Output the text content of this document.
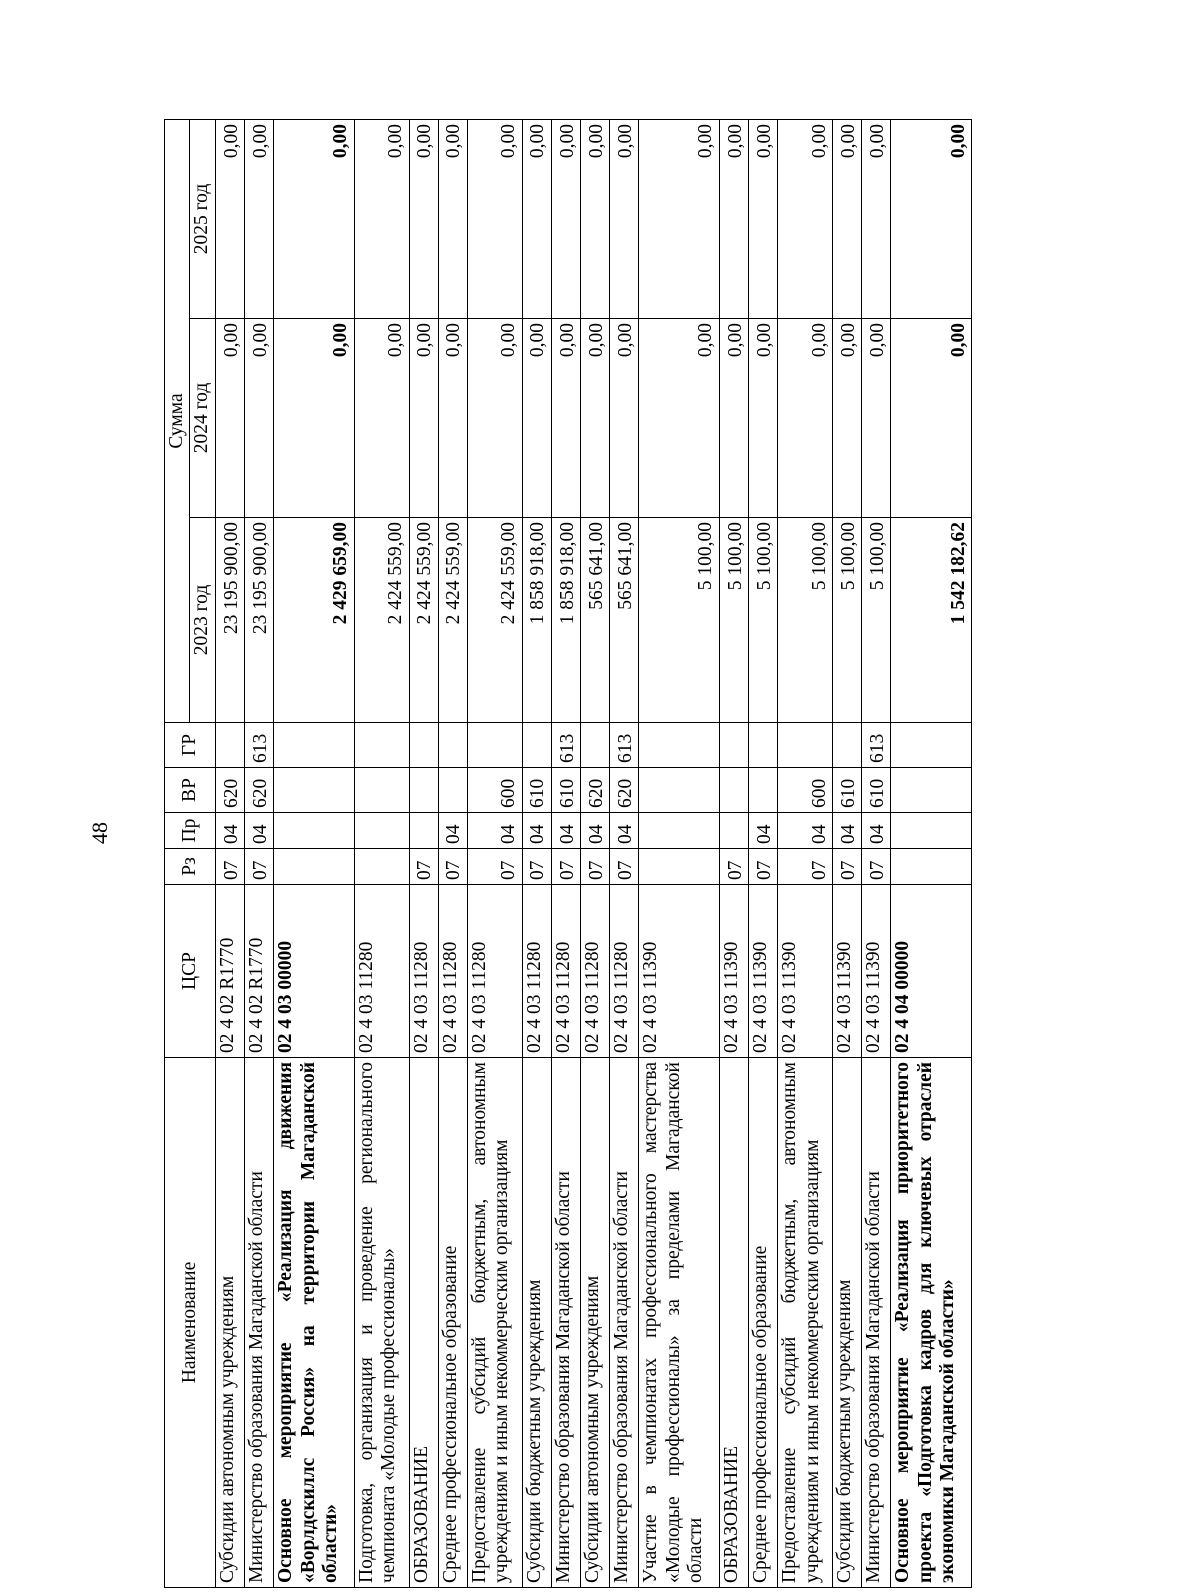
48
Наименование	ЦСР	Рз	Пр	ВР	ГР	Сумма		
						2023 год	2024 год	2025 год
Субсидии автономным учреждениям	02 4 02 R1770	07	04	620		23 195 900,00	0,00	0,00
Министерство образования Магаданской области	02 4 02 R1770	07	04	620	613	23 195 900,00	0,00	0,00
Основное мероприятие «Реализация движения «Ворлдскиллс Россия» на территории Магаданской области»	02 4 03 00000					2 429 659,00	0,00	0,00
Подготовка, организация и проведение регионального чемпионата «Молодые профессионалы»	02 4 03 11280					2 424 559,00	0,00	0,00
ОБРАЗОВАНИЕ	02 4 03 11280	07				2 424 559,00	0,00	0,00
Среднее профессиональное образование	02 4 03 11280	07	04			2 424 559,00	0,00	0,00
Предоставление субсидий бюджетным, автономным учреждениям и иным некоммерческим организациям	02 4 03 11280	07	04	600		2 424 559,00	0,00	0,00
Субсидии бюджетным учреждениям	02 4 03 11280	07	04	610		1 858 918,00	0,00	0,00
Министерство образования Магаданской области	02 4 03 11280	07	04	610	613	1 858 918,00	0,00	0,00
Субсидии автономным учреждениям	02 4 03 11280	07	04	620		565 641,00	0,00	0,00
Министерство образования Магаданской области	02 4 03 11280	07	04	620	613	565 641,00	0,00	0,00
Участие в чемпионатах профессионального мастерства «Молодые профессионалы» за пределами Магаданской области	02 4 03 11390					5 100,00	0,00	0,00
ОБРАЗОВАНИЕ	02 4 03 11390	07				5 100,00	0,00	0,00
Среднее профессиональное образование	02 4 03 11390	07	04			5 100,00	0,00	0,00
Предоставление субсидий бюджетным, автономным учреждениям и иным некоммерческим организациям	02 4 03 11390	07	04	600		5 100,00	0,00	0,00
Субсидии бюджетным учреждениям	02 4 03 11390	07	04	610		5 100,00	0,00	0,00
Министерство образования Магаданской области	02 4 03 11390	07	04	610	613	5 100,00	0,00	0,00
Основное мероприятие «Реализация приоритетного проекта «Подготовка кадров для ключевых отраслей экономики Магаданской области»	02 4 04 00000					1 542 182,62	0,00	0,00
